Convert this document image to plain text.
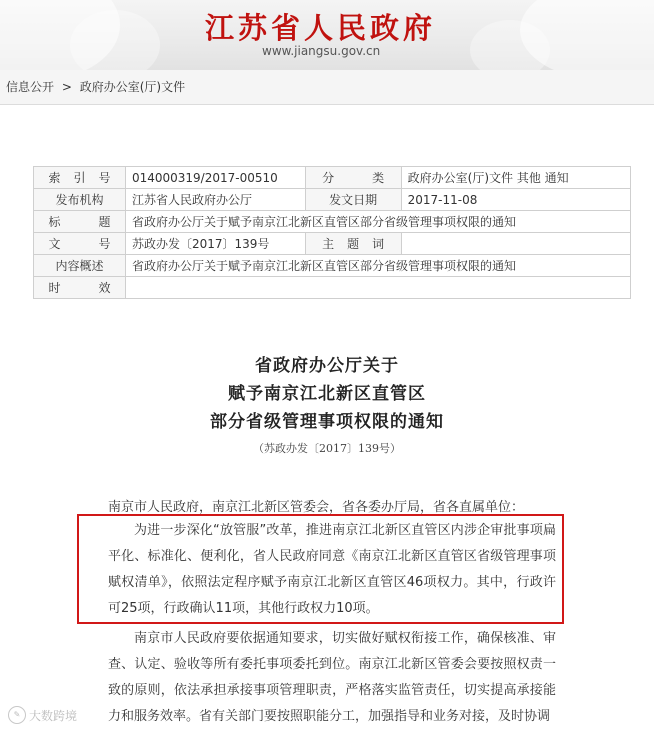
江苏省人民政府
www.jiangsu.gov.cn
信息公开 > 政府办公室(厅)文件
索 引 号	014000319/2017-00510	分 类	政府办公室(厅)文件 其他 通知
发布机构	江苏省人民政府办公厅	发文日期	2017-11-08

标 题	省政府办公厅关于赋予南京江北新区直管区部分省级管理事项权限的通知		

文 号	苏政办发〔2017〕139号	主 题 词	

内容概述	省政府办公厅关于赋予南京江北新区直管区部分省级管理事项权限的通知		

时 效			

省政府办公厅关于
赋予南京江北新区直管区
部分省级管理事项权限的通知
（苏政办发〔2017〕139号）
南京市人民政府，南京江北新区管委会，省各委办厅局，省各直属单位：

为进一步深化“放管服”改革，推进南京江北新区直管区内涉企审批事项扁平化、标准化、便利化，省人民政府同意《南京江北新区直管区省级管理事项赋权清单》，依照法定程序赋予南京江北新区直管区46项权力。其中，行政许可25项，行政确认11项，其他行政权力10项。

南京市人民政府要依据通知要求，切实做好赋权衔接工作，确保核准、审查、认定、验收等所有委托事项委托到位。南京江北新区管委会要按照权责一致的原则，依法承担承接事项管理职责，严格落实监管责任，切实提高承接能力和服务效率。省有关部门要按照职能分工，加强指导和业务对接，及时协调

✎ 大数跨境
